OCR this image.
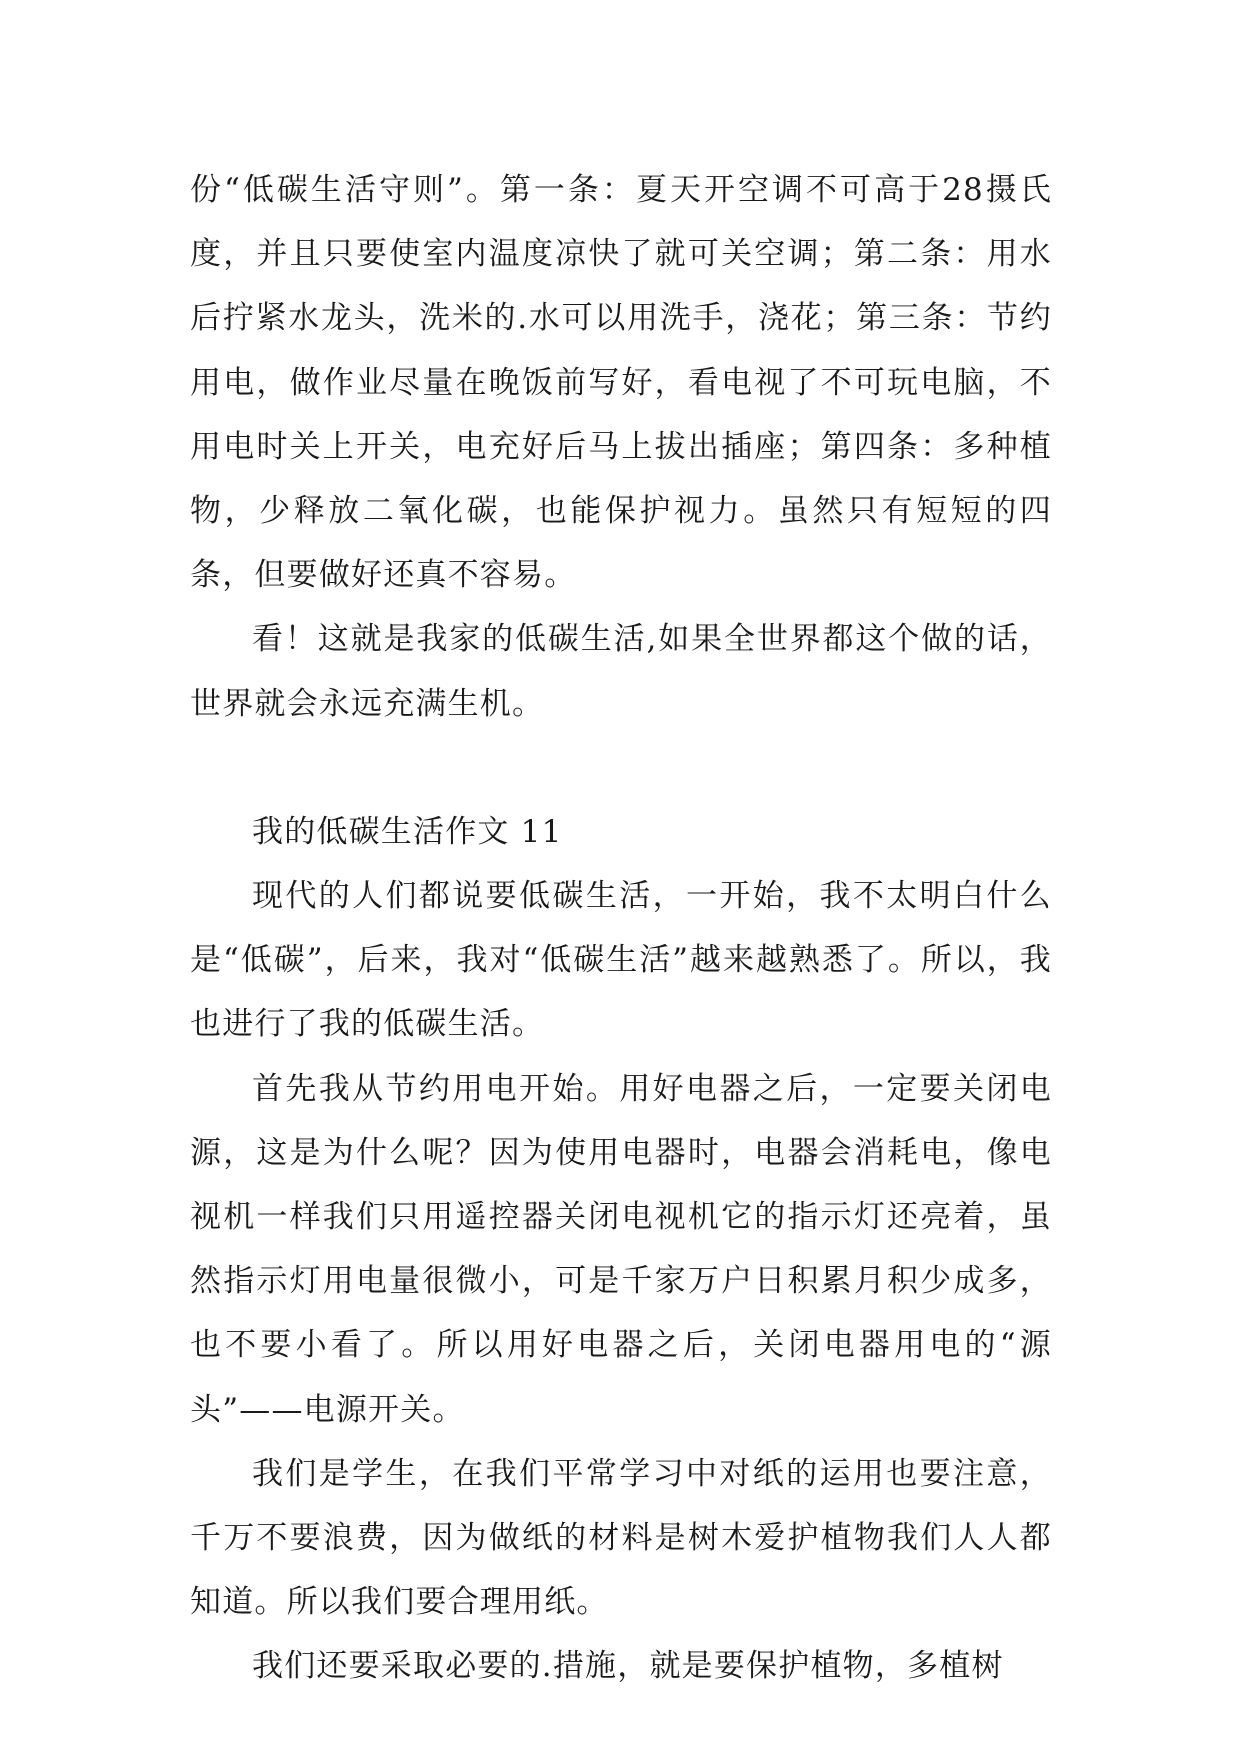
份“低碳生活守则”。第一条：夏天开空调不可高于28摄氏度，并且只要使室内温度凉快了就可关空调；第二条：用水后拧紧水龙头，洗米的.水可以用洗手，浇花；第三条：节约用电，做作业尽量在晚饭前写好，看电视了不可玩电脑，不用电时关上开关，电充好后马上拔出插座；第四条：多种植物，少释放二氧化碳，也能保护视力。虽然只有短短的四条，但要做好还真不容易。

看！这就是我家的低碳生活,如果全世界都这个做的话，世界就会永远充满生机。

我的低碳生活作文 11

现代的人们都说要低碳生活，一开始，我不太明白什么是“低碳”，后来，我对“低碳生活”越来越熟悉了。所以，我也进行了我的低碳生活。

首先我从节约用电开始。用好电器之后，一定要关闭电源，这是为什么呢？因为使用电器时，电器会消耗电，像电视机一样我们只用遥控器关闭电视机它的指示灯还亮着，虽然指示灯用电量很微小，可是千家万户日积累月积少成多，也不要小看了。所以用好电器之后，关闭电器用电的“源头”——电源开关。

我们是学生，在我们平常学习中对纸的运用也要注意，千万不要浪费，因为做纸的材料是树木爱护植物我们人人都知道。所以我们要合理用纸。

我们还要采取必要的.措施，就是要保护植物，多植树
